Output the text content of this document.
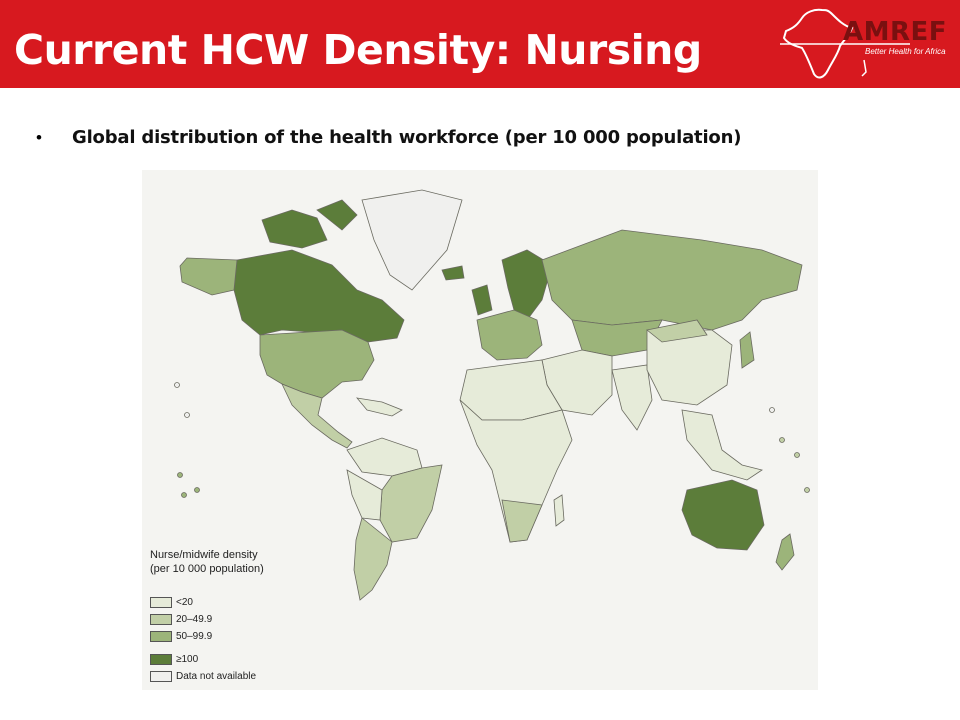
Current HCW Density: Nursing	AMREF
Better Health for Africa
• Global distribution of the health workforce (per 10 000 population)
Nurse/midwife density (per 10 000 population)
<20
20–49.9
50–99.9
≥100
Data not available
